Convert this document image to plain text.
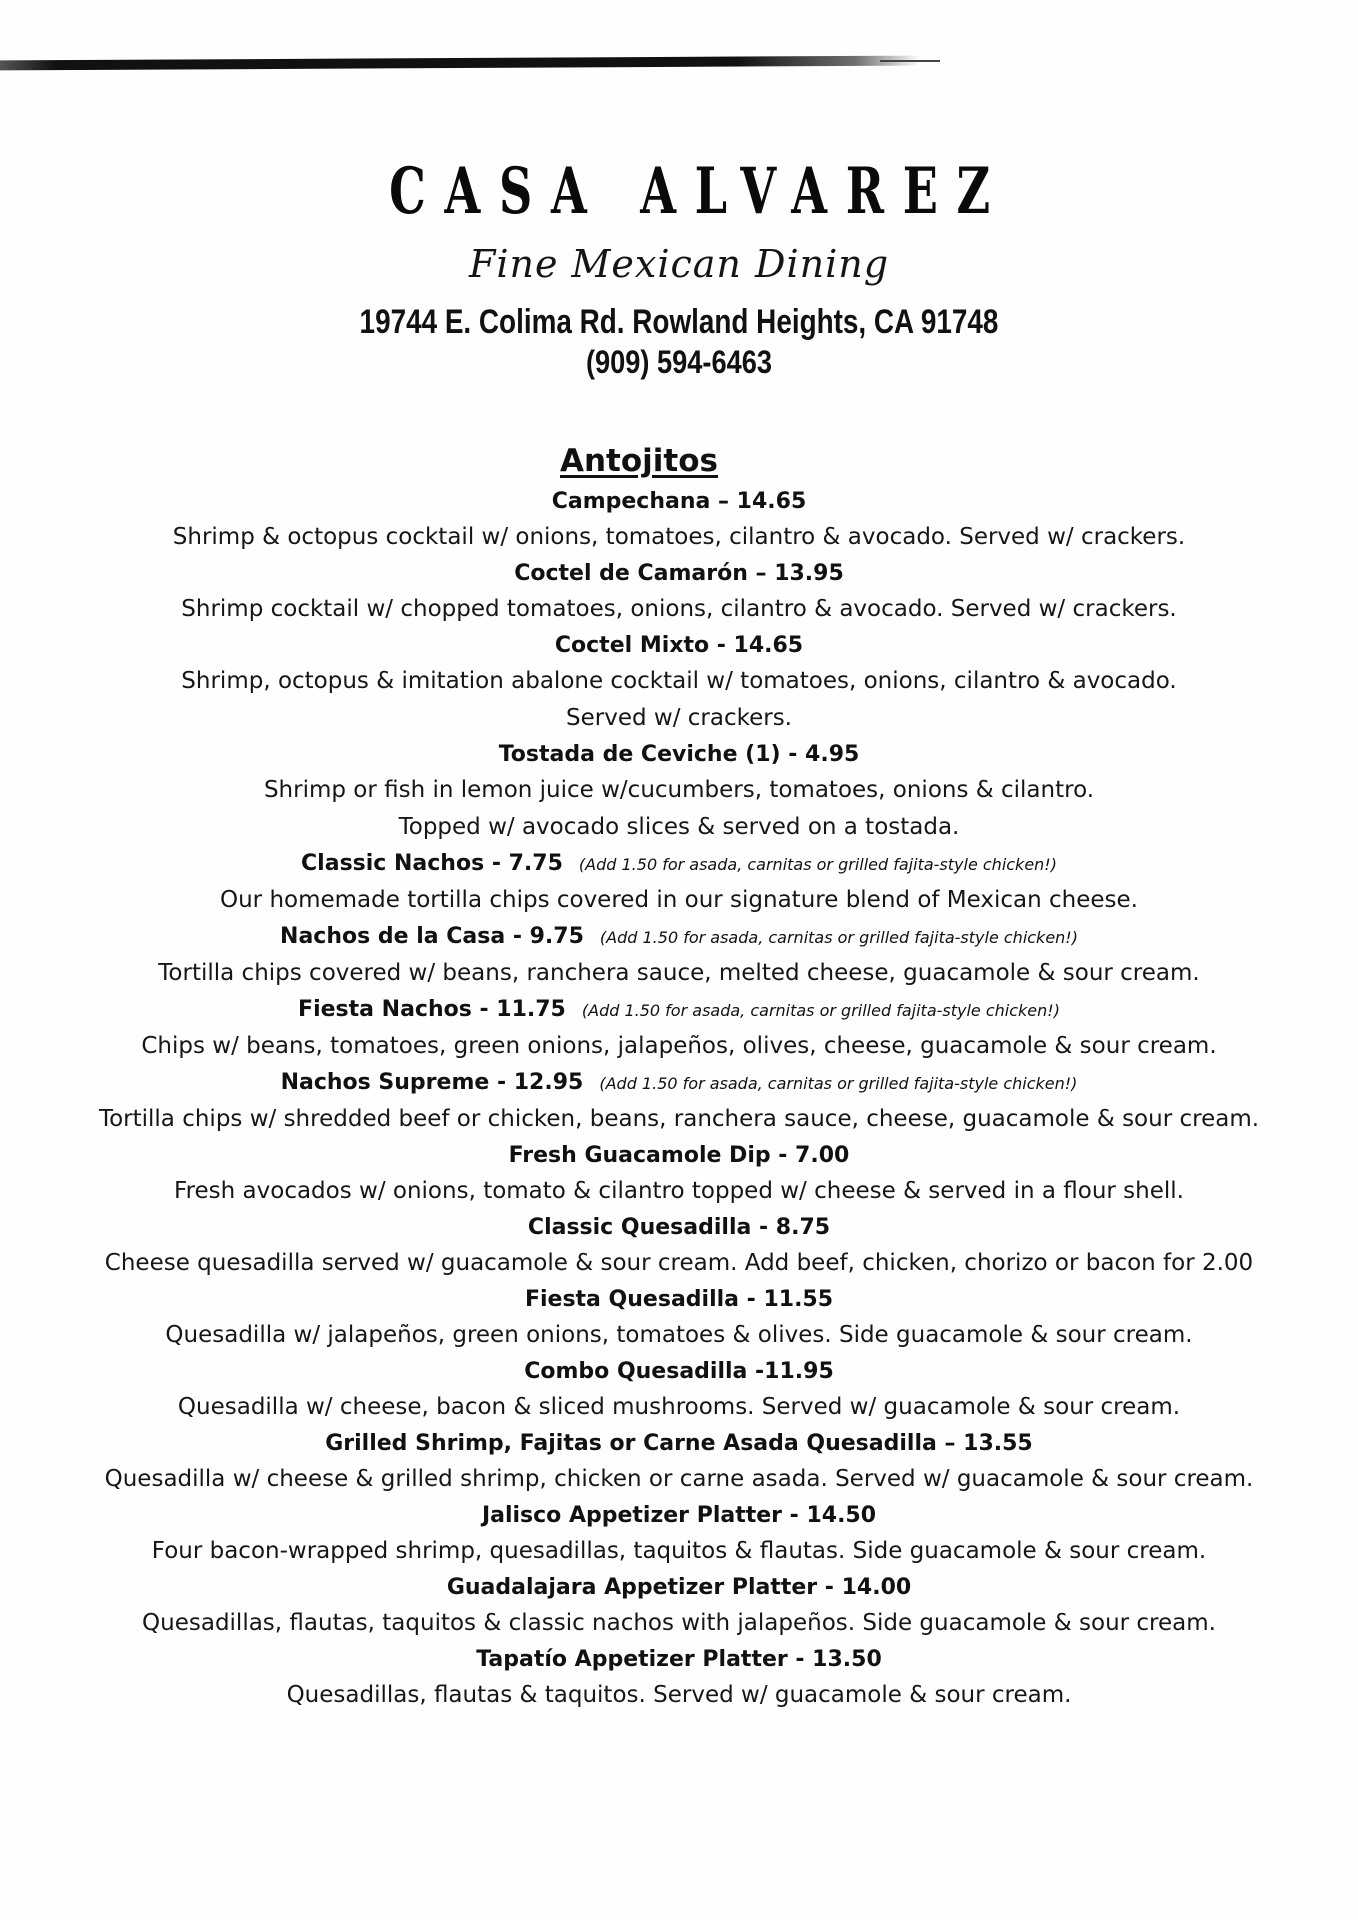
CASA ALVAREZ
Fine Mexican Dining
19744 E. Colima Rd. Rowland Heights, CA 91748
(909) 594-6463
Antojitos
Campechana – 14.65
Shrimp & octopus cocktail w/ onions, tomatoes, cilantro & avocado. Served w/ crackers.
Coctel de Camarón – 13.95
Shrimp cocktail w/ chopped tomatoes, onions, cilantro & avocado. Served w/ crackers.
Coctel Mixto - 14.65
Shrimp, octopus & imitation abalone cocktail w/ tomatoes, onions, cilantro & avocado.
Served w/ crackers.
Tostada de Ceviche (1) - 4.95
Shrimp or fish in lemon juice w/cucumbers, tomatoes, onions & cilantro.
Topped w/ avocado slices & served on a tostada.
Classic Nachos - 7.75 (Add 1.50 for asada, carnitas or grilled fajita-style chicken!)
Our homemade tortilla chips covered in our signature blend of Mexican cheese.
Nachos de la Casa - 9.75 (Add 1.50 for asada, carnitas or grilled fajita-style chicken!)
Tortilla chips covered w/ beans, ranchera sauce, melted cheese, guacamole & sour cream.
Fiesta Nachos - 11.75 (Add 1.50 for asada, carnitas or grilled fajita-style chicken!)
Chips w/ beans, tomatoes, green onions, jalapeños, olives, cheese, guacamole & sour cream.
Nachos Supreme - 12.95 (Add 1.50 for asada, carnitas or grilled fajita-style chicken!)
Tortilla chips w/ shredded beef or chicken, beans, ranchera sauce, cheese, guacamole & sour cream.
Fresh Guacamole Dip - 7.00
Fresh avocados w/ onions, tomato & cilantro topped w/ cheese & served in a flour shell.
Classic Quesadilla - 8.75
Cheese quesadilla served w/ guacamole & sour cream. Add beef, chicken, chorizo or bacon for 2.00
Fiesta Quesadilla - 11.55
Quesadilla w/ jalapeños, green onions, tomatoes & olives. Side guacamole & sour cream.
Combo Quesadilla -11.95
Quesadilla w/ cheese, bacon & sliced mushrooms. Served w/ guacamole & sour cream.
Grilled Shrimp, Fajitas or Carne Asada Quesadilla – 13.55
Quesadilla w/ cheese & grilled shrimp, chicken or carne asada. Served w/ guacamole & sour cream.
Jalisco Appetizer Platter - 14.50
Four bacon-wrapped shrimp, quesadillas, taquitos & flautas. Side guacamole & sour cream.
Guadalajara Appetizer Platter - 14.00
Quesadillas, flautas, taquitos & classic nachos with jalapeños. Side guacamole & sour cream.
Tapatío Appetizer Platter - 13.50
Quesadillas, flautas & taquitos. Served w/ guacamole & sour cream.
